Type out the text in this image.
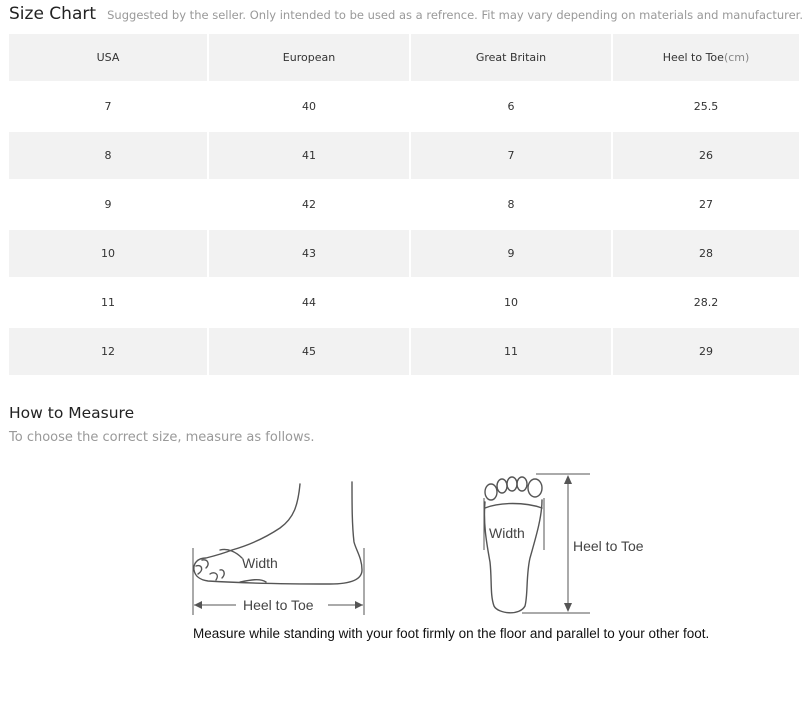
Size Chart Suggested by the seller. Only intended to be used as a refrence. Fit may vary depending on materials and manufacturer.
USA	European	Great Britain	Heel to Toe(cm)
7	40	6	25.5
8	41	7	26
9	42	8	27
10	43	9	28
11	44	10	28.2
12	45	11	29
How to Measure
To choose the correct size, measure as follows.
Width
Heel to Toe
Width
Heel to Toe
Measure while standing with your foot firmly on the floor and parallel to your other foot.
